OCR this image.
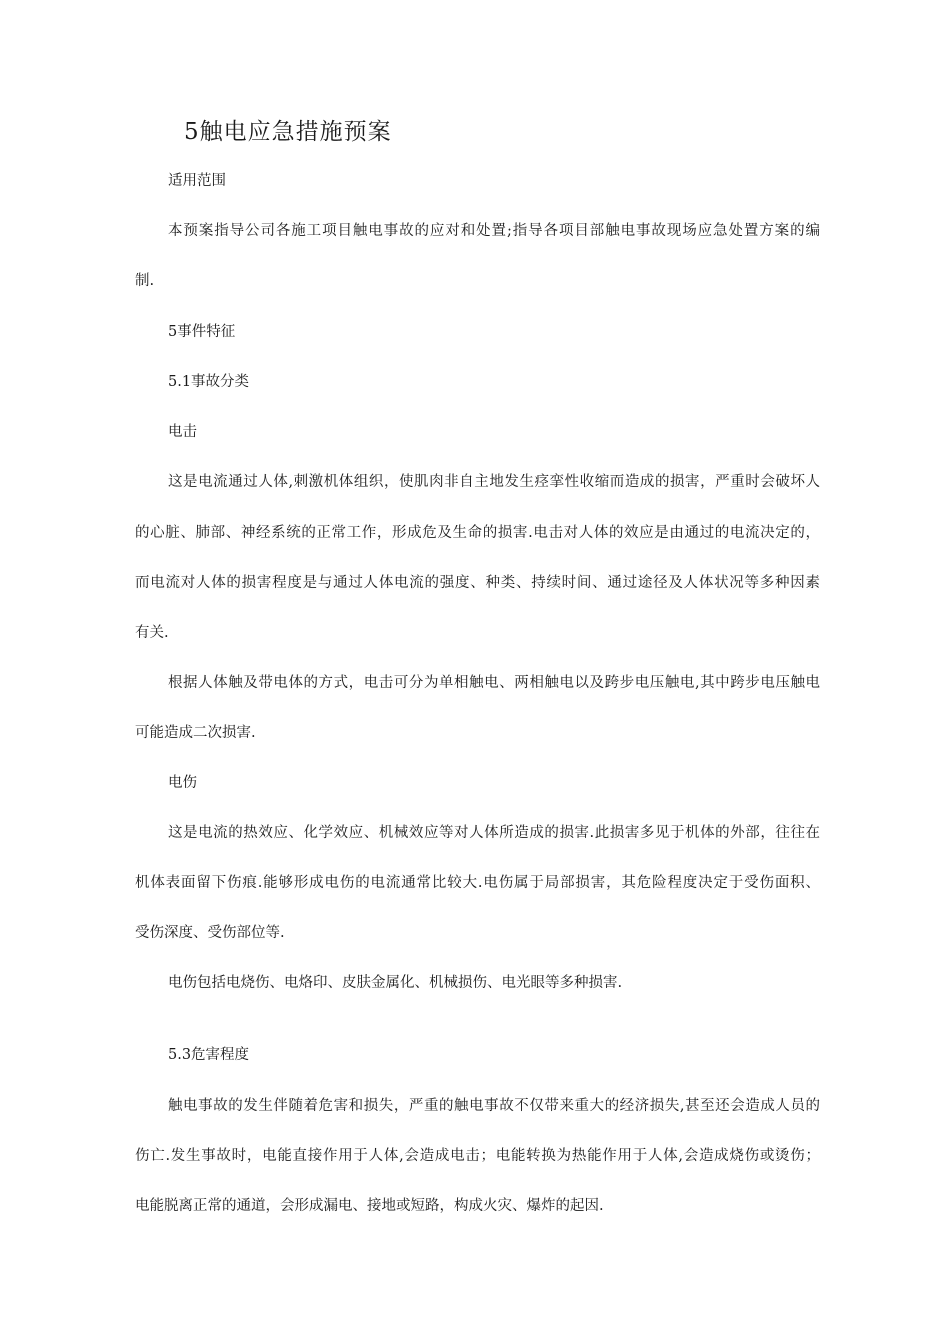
5触电应急措施预案
适用范围
本预案指导公司各施工项目触电事故的应对和处置;指导各项目部触电事故现场应急处置方案的编
制.
5事件特征
5.1事故分类
电击
这是电流通过人体,刺激机体组织，使肌肉非自主地发生痉挛性收缩而造成的损害，严重时会破坏人
的心脏、肺部、神经系统的正常工作，形成危及生命的损害.电击对人体的效应是由通过的电流决定的，
而电流对人体的损害程度是与通过人体电流的强度、种类、持续时间、通过途径及人体状况等多种因素
有关.
根据人体触及带电体的方式，电击可分为单相触电、两相触电以及跨步电压触电,其中跨步电压触电
可能造成二次损害.
电伤
这是电流的热效应、化学效应、机械效应等对人体所造成的损害.此损害多见于机体的外部，往往在
机体表面留下伤痕.能够形成电伤的电流通常比较大.电伤属于局部损害，其危险程度决定于受伤面积、
受伤深度、受伤部位等.
电伤包括电烧伤、电烙印、皮肤金属化、机械损伤、电光眼等多种损害.
5.3危害程度
触电事故的发生伴随着危害和损失，严重的触电事故不仅带来重大的经济损失,甚至还会造成人员的
伤亡.发生事故时，电能直接作用于人体,会造成电击；电能转换为热能作用于人体,会造成烧伤或烫伤；
电能脱离正常的通道，会形成漏电、接地或短路，构成火灾、爆炸的起因.
